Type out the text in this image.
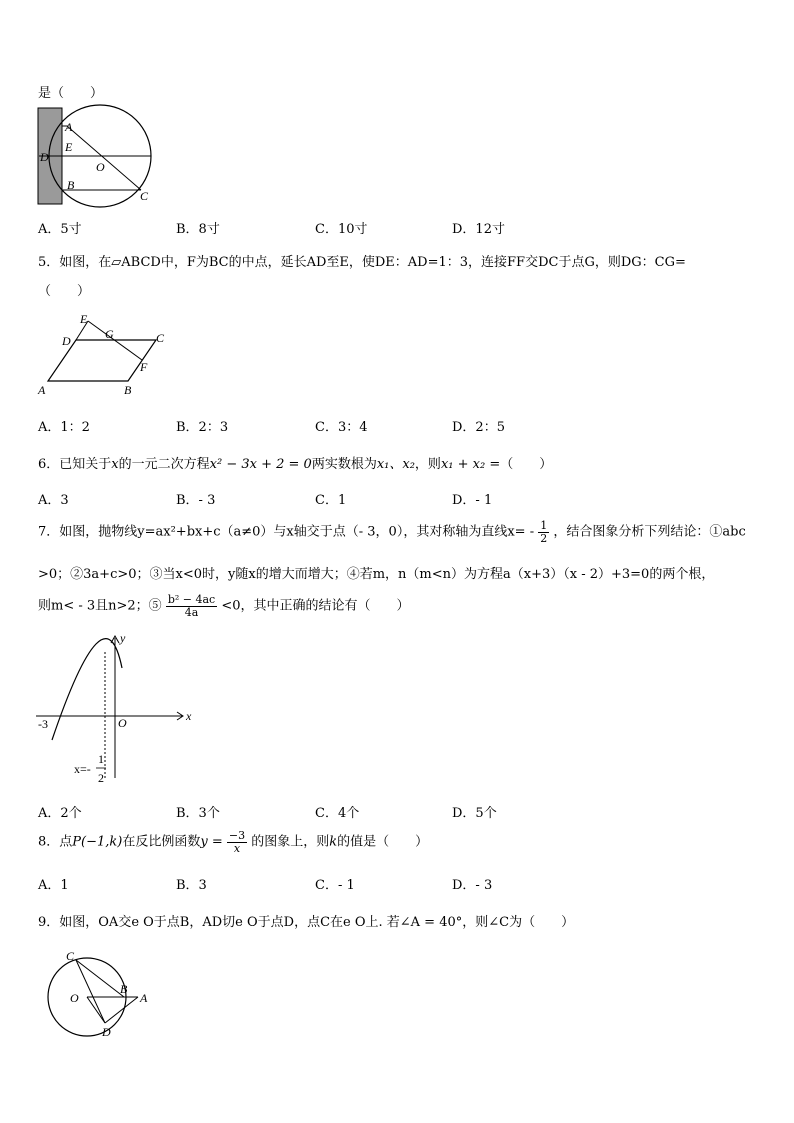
是（　　）
A
E
D
O
B
C
A．5寸	B．8寸	C．10寸	D．12寸
5．如图，在▱ABCD中，F为BC的中点，延长AD至E，使DE：AD=1：3，连接FF交DC于点G，则DG：CG=
（　　）
E
G	C
D
F
A	B
A．1：2	B．2：3	C．3：4	D．2：5
6．已知关于x的一元二次方程x² − 3x + 2 = 0两实数根为x₁、x₂，则x₁ + x₂ =（　　）
A．3	B．- 3	C．1	D．- 1
7．如图，抛物线y=ax²+bx+c（a≠0）与x轴交于点（- 3，0），其对称轴为直线$x= - \frac{1}{2}$ ，结合图象分析下列结论：①abc
>0；②3a+c>0；③当x<0时，y随x的增大而增大；④若m，n（m<n）为方程a（x+3）（x - 2）+3=0的两个根，
则m< - 3且n>2；⑤ $\frac{\text{b² − 4ac}}{4a} <0$，其中正确的结论有（　　）
y
x
O
-3
x=-
1
2
A．2个	B．3个	C．4个	D．5个
8．点P(−1,k)在反比例函数$y = \frac{-3}{x}$ 的图象上，则k的值是（　　）
A．1	B．3	C．- 1	D．- 3
9．如图，OA交e O于点B，AD切e O于点D，点C在e O上. 若∠A = 40°，则∠C为（　　）
C
O
B
A
D
